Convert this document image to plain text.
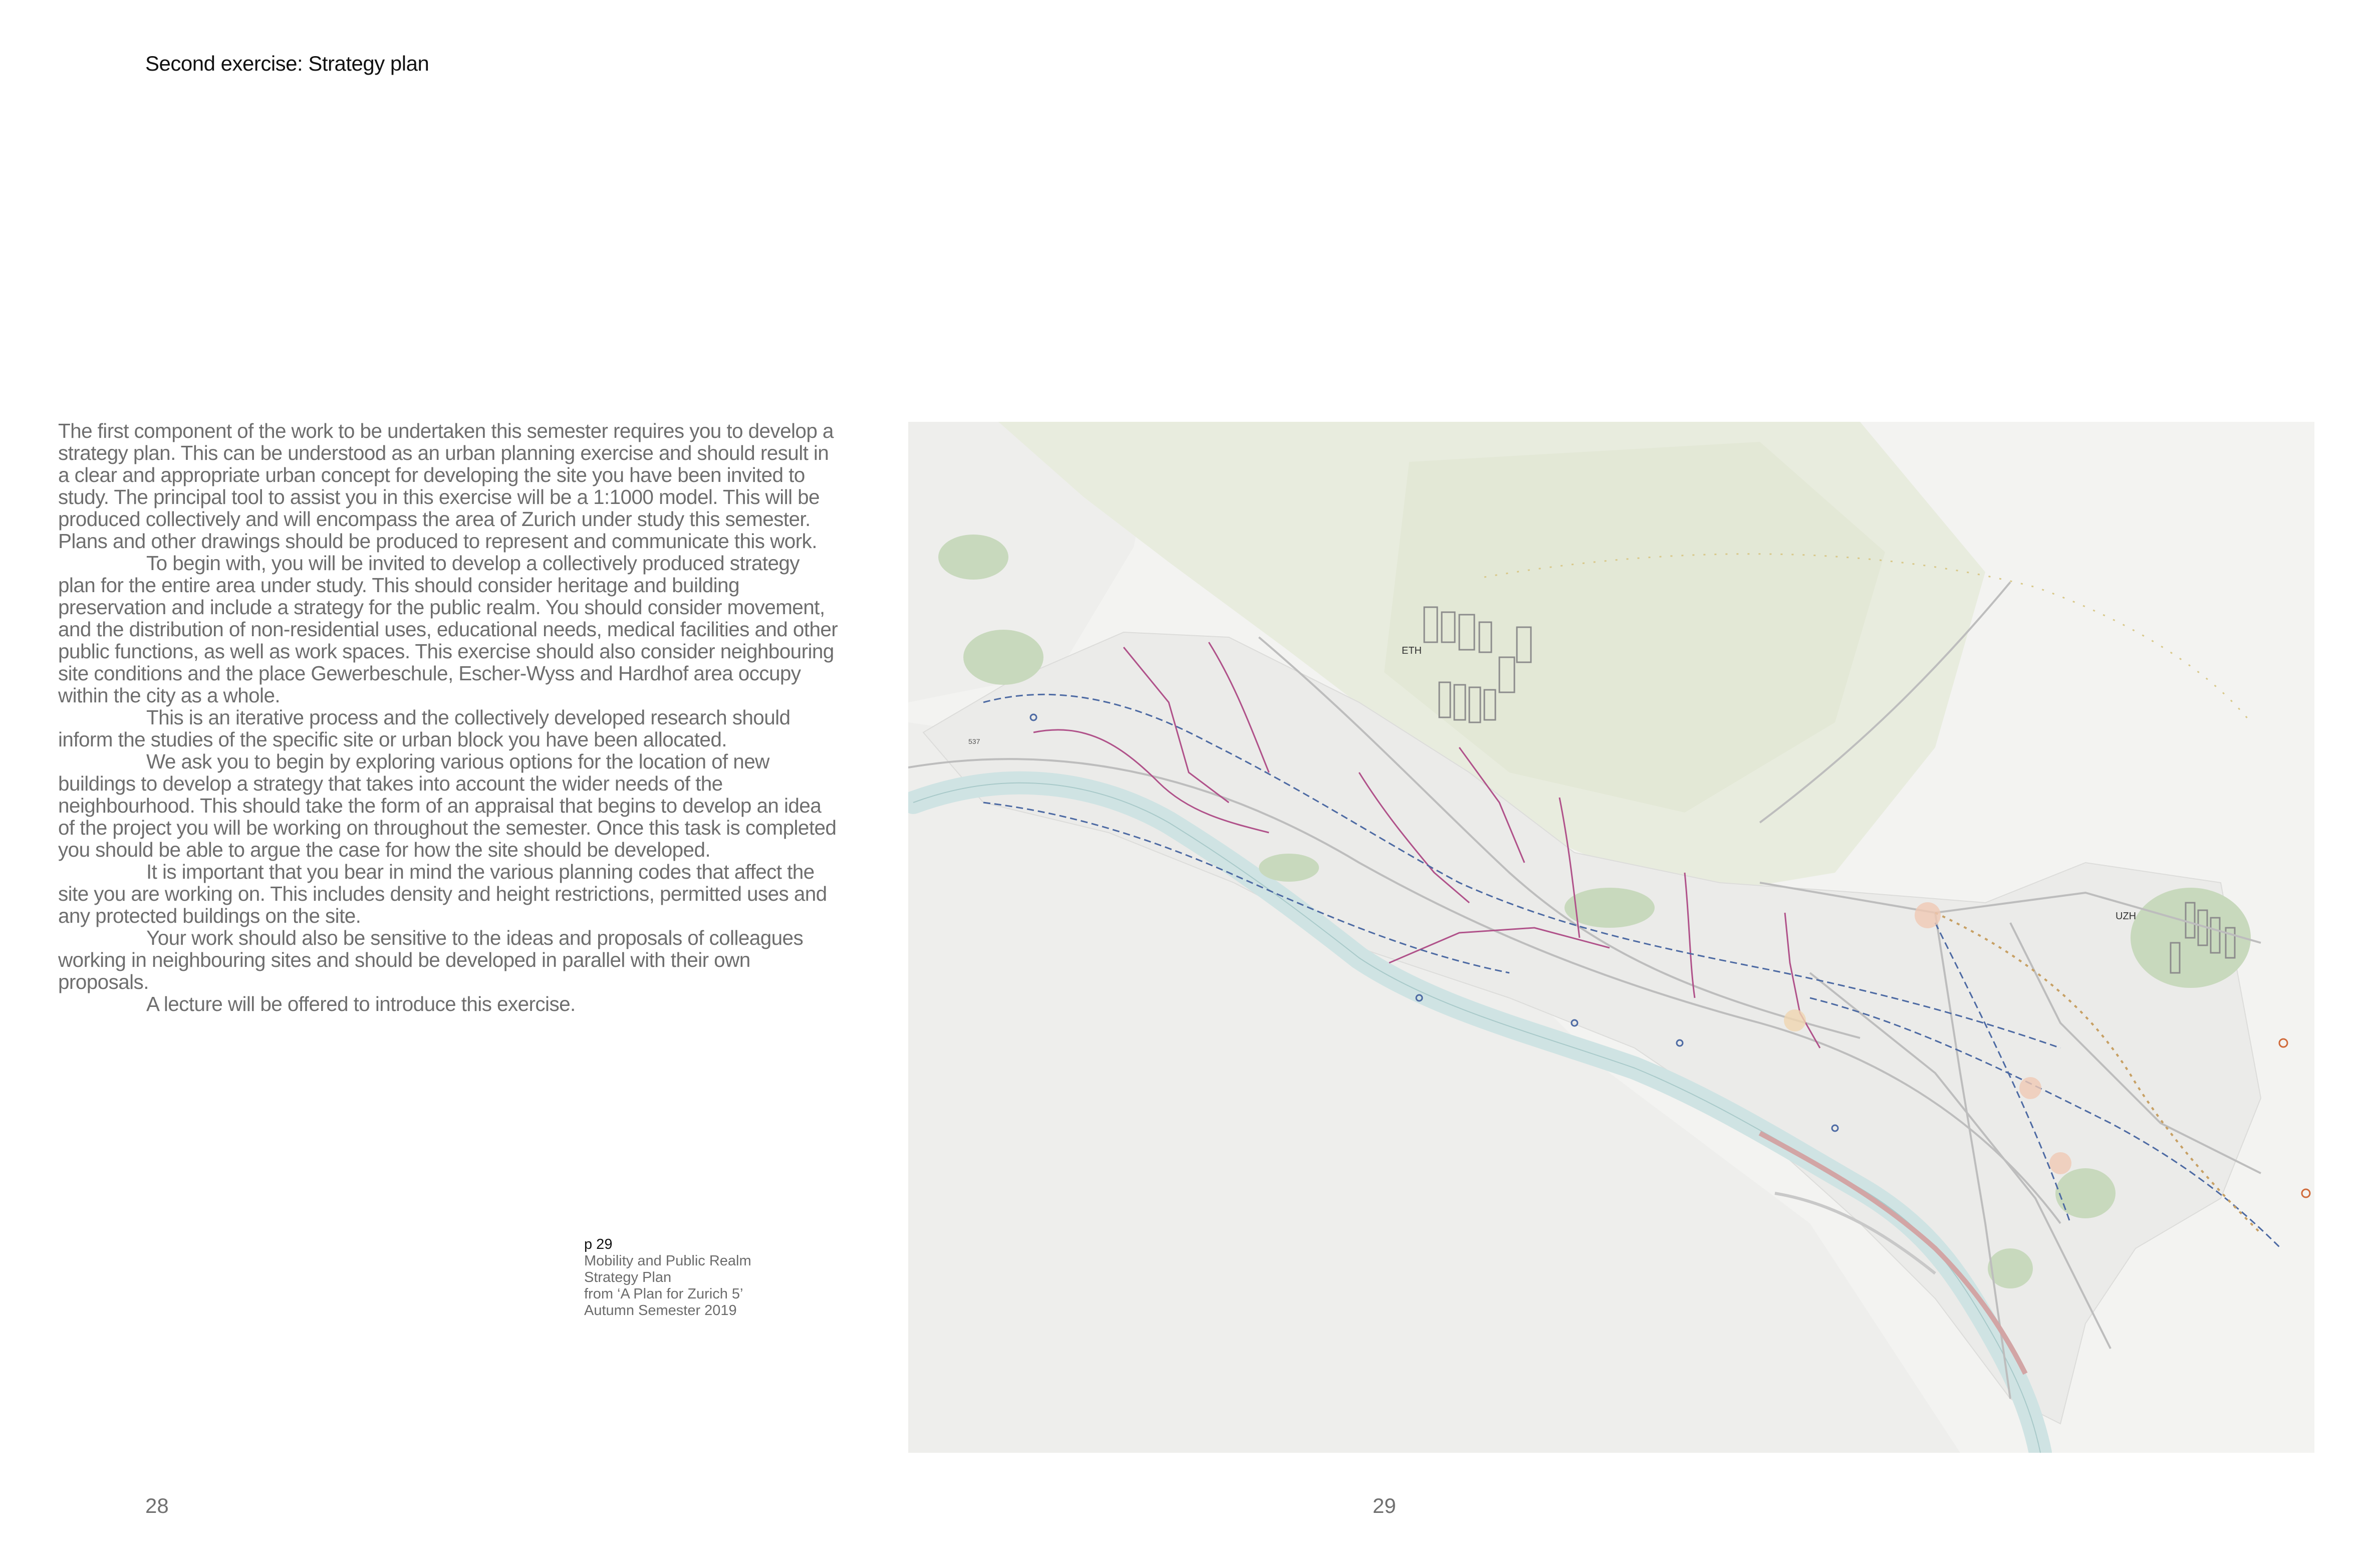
Second exercise: Strategy plan

The first component of the work to be undertaken this semester requires you to develop a strategy plan. This can be understood as an urban planning exercise and should result in a clear and appropriate urban concept for developing the site you have been invited to study. The principal tool to assist you in this exercise will be a 1:1000 model. This will be produced collectively and will encompass the area of Zurich under study this semester. Plans and other drawings should be produced to represent and communicate this work.

To begin with, you will be invited to develop a collectively produced strategy plan for the entire area under study. This should consider heritage and building preservation and include a strategy for the public realm. You should consider movement, and the distribution of non-residential uses, educational needs, medical facilities and other public functions, as well as work spaces. This exercise should also consider neighbouring site conditions and the place Gewerbeschule, Escher-Wyss and Hardhof area occupy within the city as a whole.

This is an iterative process and the collectively developed research should inform the studies of the specific site or urban block you have been allocated.

We ask you to begin by exploring various options for the location of new buildings to develop a strategy that takes into account the wider needs of the neighbourhood. This should take the form of an appraisal that begins to develop an idea of the project you will be working on throughout the semester. Once this task is completed you should be able to argue the case for how the site should be developed.

It is important that you bear in mind the various planning codes that affect the site you are working on. This includes density and height restrictions, permitted uses and any protected buildings on the site.

Your work should also be sensitive to the ideas and proposals of colleagues working in neighbouring sites and should be developed in parallel with their own proposals.

A lecture will be offered to introduce this exercise.

p 29
Mobility and Public Realm
Strategy Plan
from ‘A Plan for Zurich 5’
Autumn Semester 2019
ETH
UZH
537
28	29
